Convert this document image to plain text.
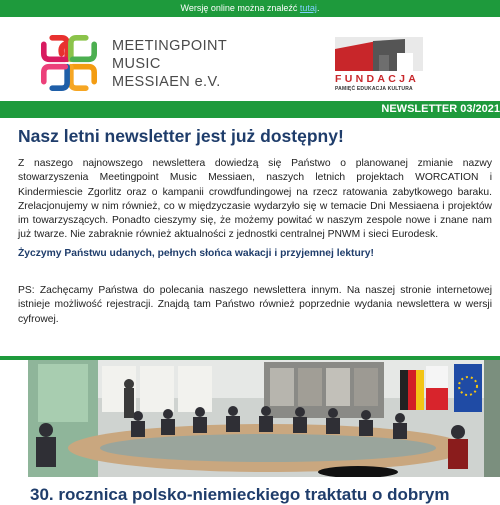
Wersję online można znaleźć tutaj.
MEETINGPOINT
MUSIC
MESSIAEN e.V.	FUNDACJA
PAMIĘĆ EDUKACJA KULTURA
NEWSLETTER 03/2021
Nasz letni newsletter jest już dostępny!

Z naszego najnowszego newslettera dowiedzą się Państwo o planowanej zmianie nazwy stowarzyszenia Meetingpoint Music Messiaen, naszych letnich projektach WORCATION i Kindermiescie Zgorlitz oraz o kampanii crowdfundingowej na rzecz ratowania zabytkowego baraku. Zrelacjonujemy w nim również, co w międzyczasie wydarzyło się w temacie Dni Messiaena i projektów im towarzyszących. Ponadto cieszymy się, że możemy powitać w naszym zespole nowe i znane nam już twarze. Nie zabraknie również aktualności z jednostki centralnej PNWM i sieci Eurodesk.

Życzymy Państwu udanych, pełnych słońca wakacji i przyjemnej lektury!

PS: Zachęcamy Państwa do polecania naszego newslettera innym. Na naszej stronie internetowej istnieje możliwość rejestracji. Znajdą tam Państwo również poprzednie wydania newslettera w wersji cyfrowej.

30. rocznica polsko-niemieckiego traktatu o dobrym
